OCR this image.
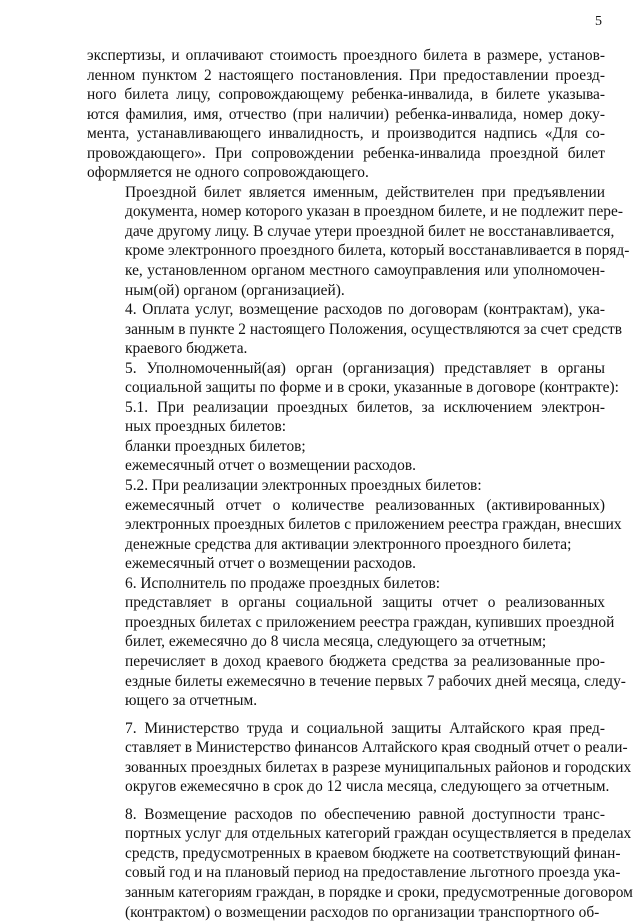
5

экспертизы, и оплачивают стоимость проездного билета в размере, установ-
ленном пунктом 2 настоящего постановления. При предоставлении проезд-
ного билета лицу, сопровождающему ребенка-инвалида, в билете указыва-
ются фамилия, имя, отчество (при наличии) ребенка-инвалида, номер доку-
мента, устанавливающего инвалидность, и производится надпись «Для со-
провождающего». При сопровождении ребенка-инвалида проездной билет
оформляется не одного сопровождающего.

Проездной билет является именным, действителен при предъявлении
документа, номер которого указан в проездном билете, и не подлежит пере-
даче другому лицу. В случае утери проездной билет не восстанавливается,
кроме электронного проездного билета, который восстанавливается в поряд-
ке, установленном органом местного самоуправления или уполномочен-
ным(ой) органом (организацией).

4. Оплата услуг, возмещение расходов по договорам (контрактам), ука-
занным в пункте 2 настоящего Положения, осуществляются за счет средств
краевого бюджета.

5. Уполномоченный(ая) орган (организация) представляет в органы
социальной защиты по форме и в сроки, указанные в договоре (контракте):

5.1. При реализации проездных билетов, за исключением электрон-
ных проездных билетов:

бланки проездных билетов;

ежемесячный отчет о возмещении расходов.

5.2. При реализации электронных проездных билетов:

ежемесячный отчет о количестве реализованных (активированных)
электронных проездных билетов с приложением реестра граждан, внесших
денежные средства для активации электронного проездного билета;

ежемесячный отчет о возмещении расходов.

6. Исполнитель по продаже проездных билетов:

представляет в органы социальной защиты отчет о реализованных
проездных билетах с приложением реестра граждан, купивших проездной
билет, ежемесячно до 8 числа месяца, следующего за отчетным;

перечисляет в доход краевого бюджета средства за реализованные про-
ездные билеты ежемесячно в течение первых 7 рабочих дней месяца, следу-
ющего за отчетным.

7. Министерство труда и социальной защиты Алтайского края пред-
ставляет в Министерство финансов Алтайского края сводный отчет о реали-
зованных проездных билетах в разрезе муниципальных районов и городских
округов ежемесячно в срок до 12 числа месяца, следующего за отчетным.

8. Возмещение расходов по обеспечению равной доступности транс-
портных услуг для отдельных категорий граждан осуществляется в пределах
средств, предусмотренных в краевом бюджете на соответствующий финан-
совый год и на плановый период на предоставление льготного проезда ука-
занным категориям граждан, в порядке и сроки, предусмотренные договором
(контрактом) о возмещении расходов по организации транспортного об-
